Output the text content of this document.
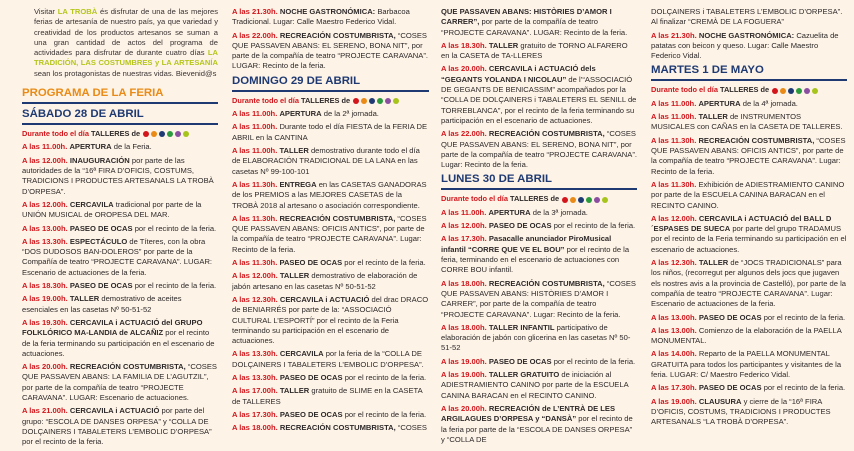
Visitar LA TROBÀ és disfrutar de una de las mejores ferias de artesanía de nuestro país, ya que variedad y creatividad de los productos artesanos se suman a una gran cantidad de actos del programa de actividades para disfrutar de durante cuatro días LA TRADICIÓN, LAS COSTUMBRES y LA ARTESANÍA sean los protagonistas de nuestras vidas. Bievenid@s
PROGRAMA DE LA FERIA
SÁBADO 28 DE ABRIL
Durante todo el día TALLERES de
A las 11.00h. APERTURA de la Feria.
A las 12.00h. INAUGURACIÓN por parte de las autoridades de la “16ª FIRA D’OFICIS, COSTUMS, TRADICIONS I PRODUCTES ARTESANALS LA TROBÀ D’ORPESA”.
A las 12.00h. CERCAVILA tradicional por parte de la UNIÓN MUSICAL de OROPESA DEL MAR.
A las 13.00h. PASEO DE OCAS por el recinto de la feria.
A las 13.30h. ESPECTÁCULO de Títeres, con la obra “DOS DUDOSOS BAN-DOLEROS” por parte de la Compañía de teatro “PROJECTE CARAVANA”. LUGAR: Escenario de actuaciones de la feria.
A las 18.30h. PASEO DE OCAS por el recinto de la feria.
A las 19.00h. TALLER demostrativo de aceites esenciales en las casetas Nº 50-51-52
A las 19.30h. CERCAVILA i ACTUACIÓ del GRUPO FOLKLÓRICO MA-LANDIA de ALCAÑIZ por el recinto de la feria terminando su participación en el escenario de actuaciones.
A las 20.00h. RECREACIÓN COSTUMBRISTA, “COSES QUE PASSAVEN ABANS: LA FAMILIA DE L’AGUTZIL”, por parte de la compañía de teatro “PROJECTE CARAVANA”. LUGAR: Escenario de actuaciones.
A las 21.00h. CERCAVILA i ACTUACIÓ por parte del grupo: “ESCOLA DE DANSES ORPESA” y “COLLA DE DOLÇAINERS I TABALETERS L’EMBOLIC D’ORPESA” por el recinto de la feria.
A las 21.30h. NOCHE GASTRONÓMICA: Barbacoa Tradicional. Lugar: Calle Maestro Federico Vidal.
A las 22.00h. RECREACIÓN COSTUMBRISTA, “COSES QUE PASSAVEN ABANS: EL SERENO, BONA NIT”, por parte de la compañía de teatro “PROJECTE CARAVANA”. LUGAR: Recinto de la feria.
DOMINGO 29 DE ABRIL
Durante todo el día TALLERES de
A las 11.00h. APERTURA de la 2ª jornada.
A las 11.00h. Durante todo el día FIESTA de la FERIA DE ABRIL en la CANTINA
A las 11.00h. TALLER demostrativo durante todo el día de ELABORACIÓN TRADICIONAL DE LA LANA en las casetas Nº 99-100-101
A las 11.30h. ENTREGA en las CASETAS GANADORAS de los PREMIOS a las MEJORES CASETAS de la TROBÀ 2018 al artesano o asociación correspondiente.
A las 11.30h. RECREACIÓN COSTUMBRISTA, “COSES QUE PASSAVEN ABANS: OFICIS ANTICS”, por parte de la compañía de teatro “PROJECTE CARAVANA”. Lugar: Recinto de la feria.
A las 11.30h. PASEO DE OCAS por el recinto de la feria.
A las 12.00h. TALLER demostrativo de elaboración de jabón artesano en las casetas Nº 50-51-52
A las 12.30h. CERCAVILA i ACTUACIÓ del drac DRACO de BENIARRÉS por parte de la: “ASSOCIACIÓ CULTURAL L’ESPORTÍ” por el recinto de la Feria terminando su participación en el escenario de actuaciones.
A las 13.30h. CERCAVILA por la feria de la “COLLA DE DOLÇAINERS I TABALETERS L’EMBOLIC D’ORPESA”.
A las 13.30h. PASEO DE OCAS por el recinto de la feria.
A las 17.00h. TALLER gratuito de SLIME en la CASETA de TALLERES
A las 17.30h. PASEO DE OCAS por el recinto de la feria.
A las 18.00h. RECREACIÓN COSTUMBRISTA, “COSES
QUE PASSAVEN ABANS: HISTÒRIES D’AMOR I CARRER”, por parte de la compañía de teatro “PROJECTE CARAVANA”. LUGAR: Recinto de la feria.
A las 18.30h. TALLER gratuito de TORNO ALFARERO en la CASETA de TA-LLERES
A las 20.00h. CERCAVILA i ACTUACIÓ dels “GEGANTS YOLANDA I NICOLAU” de l’“ASSOCIACIÓ DE GEGANTS DE BENICASSIM” acompañados por la “COLLA DE DOLÇAINERS i TABALETERS EL SENILL de TORREBLANCA”, por el recinto de la feria terminando su participación en el escenario de actuaciones.
A las 22.00h. RECREACIÓN COSTUMBRISTA, “COSES QUE PASSAVEN ABANS: EL SERENO, BONA NIT”, por parte de la compañía de teatro “PROJECTE CARAVANA”. Lugar: Recinto de la feria.
LUNES 30 DE ABRIL
Durante todo el día TALLERES de
A las 11.00h. APERTURA de la 3ª jornada.
A las 12.00h. PASEO DE OCAS por el recinto de la feria.
A las 17.30h. Pasacalle anunciador PiroMusical infantil “CORRE QUE VE EL BOU” por el recinto de la feria, terminando en el escenario de actuaciones con CORRE BOU infantil.
A las 18.00h. RECREACIÓN COSTUMBRISTA, “COSES QUE PASSAVEN ABANS: HISTÒRIES D’AMOR I CARRER”, por parte de la compañía de teatro “PROJECTE CARAVANA”. Lugar: Recinto de la feria.
A las 18.00h. TALLER INFANTIL participativo de elaboración de jabón con glicerina en las casetas Nº 50-51-52
A las 19.00h. PASEO DE OCAS por el recinto de la feria.
A las 19.00h. TALLER GRATUITO de iniciación al ADIESTRAMIENTO CANINO por parte de la ESCUELA CANINA BARACAN en el RECINTO CANINO.
A las 20.00h. RECREACIÓN de L’ENTRÀ DE LES ARGILAGUES D’ORPESA y “DANSÀ” por el recinto de la feria por parte de la “ESCOLA DE DANSES ORPESA” y “COLLA DE
DOLÇAINERS i TABALETERS L’EMBOLIC D’ORPESA”. Al finalizar “CREMÀ DE LA FOGUERA”
A las 21.30h. NOCHE GASTRONÓMICA: Cazuelita de patatas con beicon y queso. Lugar: Calle Maestro Federico Vidal.
MARTES 1 DE MAYO
Durante todo el día TALLERES de
A las 11.00h. APERTURA de la 4ª jornada.
A las 11.00h. TALLER de INSTRUMENTOS MUSICALES con CAÑAS en la CASETA DE TALLERES.
A las 11.30h. RECREACIÓN COSTUMBRISTA, “COSES QUE PASSAVEN ABANS: OFICIS ANTICS”, por parte de la compañía de teatro “PROJECTE CARAVANA”. Lugar: Recinto de la feria.
A las 11.30h. Exhibición de ADIESTRAMIENTO CANINO por parte de la ESCUELA CANINA BARACAN en el RECINTO CANINO.
A las 12.00h. CERCAVILA i ACTUACIÓ del BALL D´ESPASES DE SUECA por parte del grupo TRADAMUS por el recinto de la Feria terminando su participación en el escenario de actuaciones.
A las 12.30h. TALLER de “JOCS TRADICIONALS” para los niños, (recorregut per algunos dels jocs que jugaven els nostres avis a la provincia de Castelló), por parte de la compañía de teatro “PROJECTE CARAVANA”. Lugar: Escenario de actuaciones de la feria.
A las 13.00h. PASEO DE OCAS por el recinto de la feria.
A las 13.00h. Comienzo de la elaboración de la PAELLA MONUMENTAL.
A las 14.00h. Reparto de la PAELLA MONUMENTAL GRATUITA para todos los participantes y visitantes de la feria. LUGAR: C/ Maestro Federico Vidal.
A las 17.30h. PASEO DE OCAS por el recinto de la feria.
A las 19.00h. CLAUSURA y cierre de la “16ª FIRA D’OFICIS, COSTUMS, TRADICIONS I PRODUCTES ARTESANALS “LA TROBÀ D’ORPESA”.
